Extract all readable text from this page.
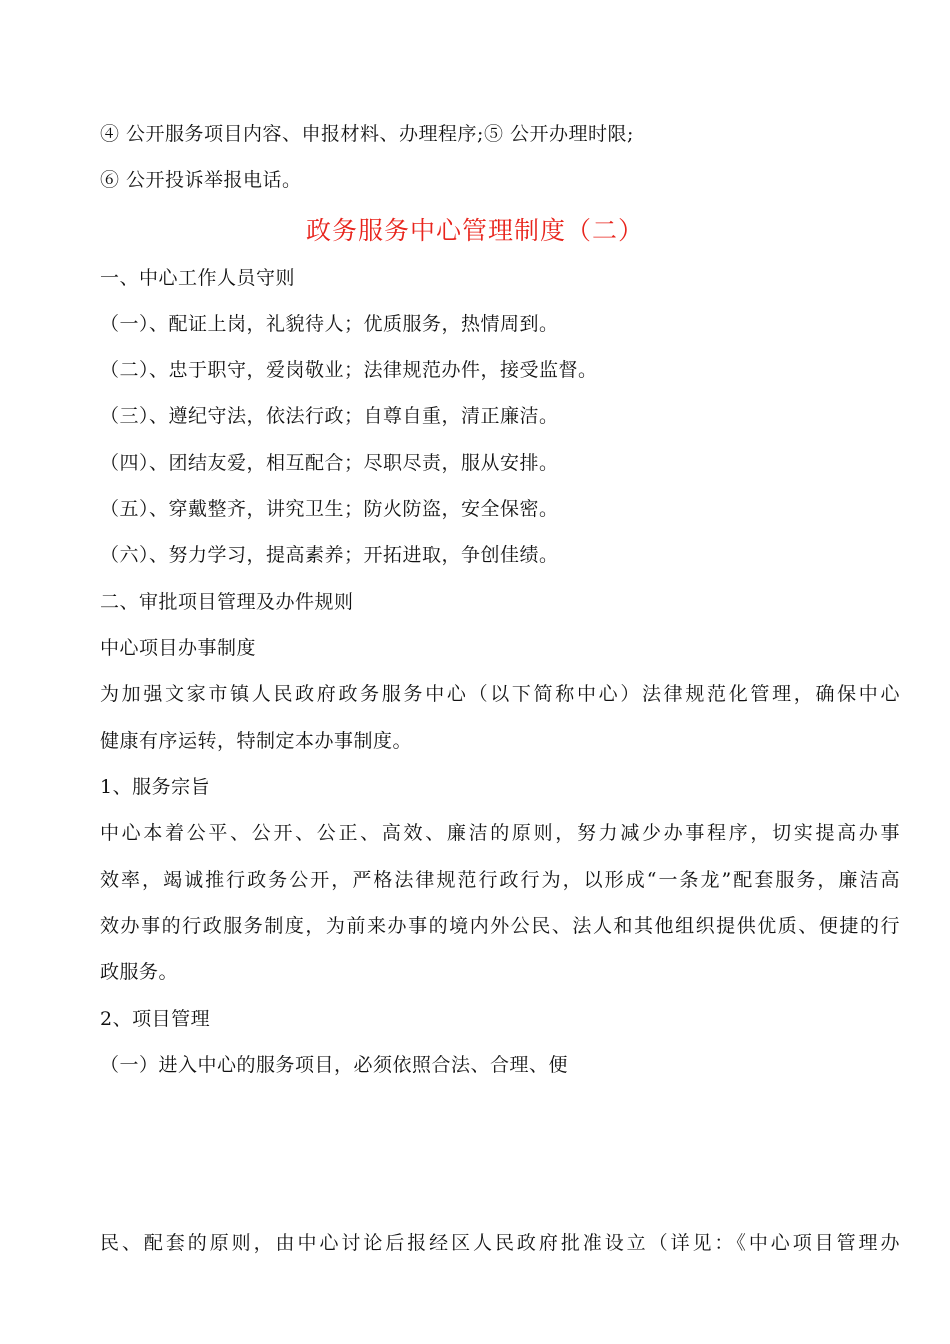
④ 公开服务项目内容、申报材料、办理程序;⑤ 公开办理时限;
⑥ 公开投诉举报电话。
政务服务中心管理制度（二）
一、中心工作人员守则
（一）、配证上岗，礼貌待人；优质服务，热情周到。
（二）、忠于职守，爱岗敬业；法律规范办件，接受监督。
（三）、遵纪守法，依法行政；自尊自重，清正廉洁。
（四）、团结友爱，相互配合；尽职尽责，服从安排。
（五）、穿戴整齐，讲究卫生；防火防盗，安全保密。
（六）、努力学习，提高素养；开拓进取，争创佳绩。
二、审批项目管理及办件规则
中心项目办事制度
为加强文家市镇人民政府政务服务中心（以下简称中心）法律规范化管理，确保中心
健康有序运转，特制定本办事制度。
1、服务宗旨
中心本着公平、公开、公正、高效、廉洁的原则，努力减少办事程序，切实提高办事
效率，竭诚推行政务公开，严格法律规范行政行为，以形成“一条龙”配套服务，廉洁高
效办事的行政服务制度，为前来办事的境内外公民、法人和其他组织提供优质、便捷的行
政服务。
2、项目管理
（一）进入中心的服务项目，必须依照合法、合理、便
民、配套的原则，由中心讨论后报经区人民政府批准设立（详见：《中心项目管理办
